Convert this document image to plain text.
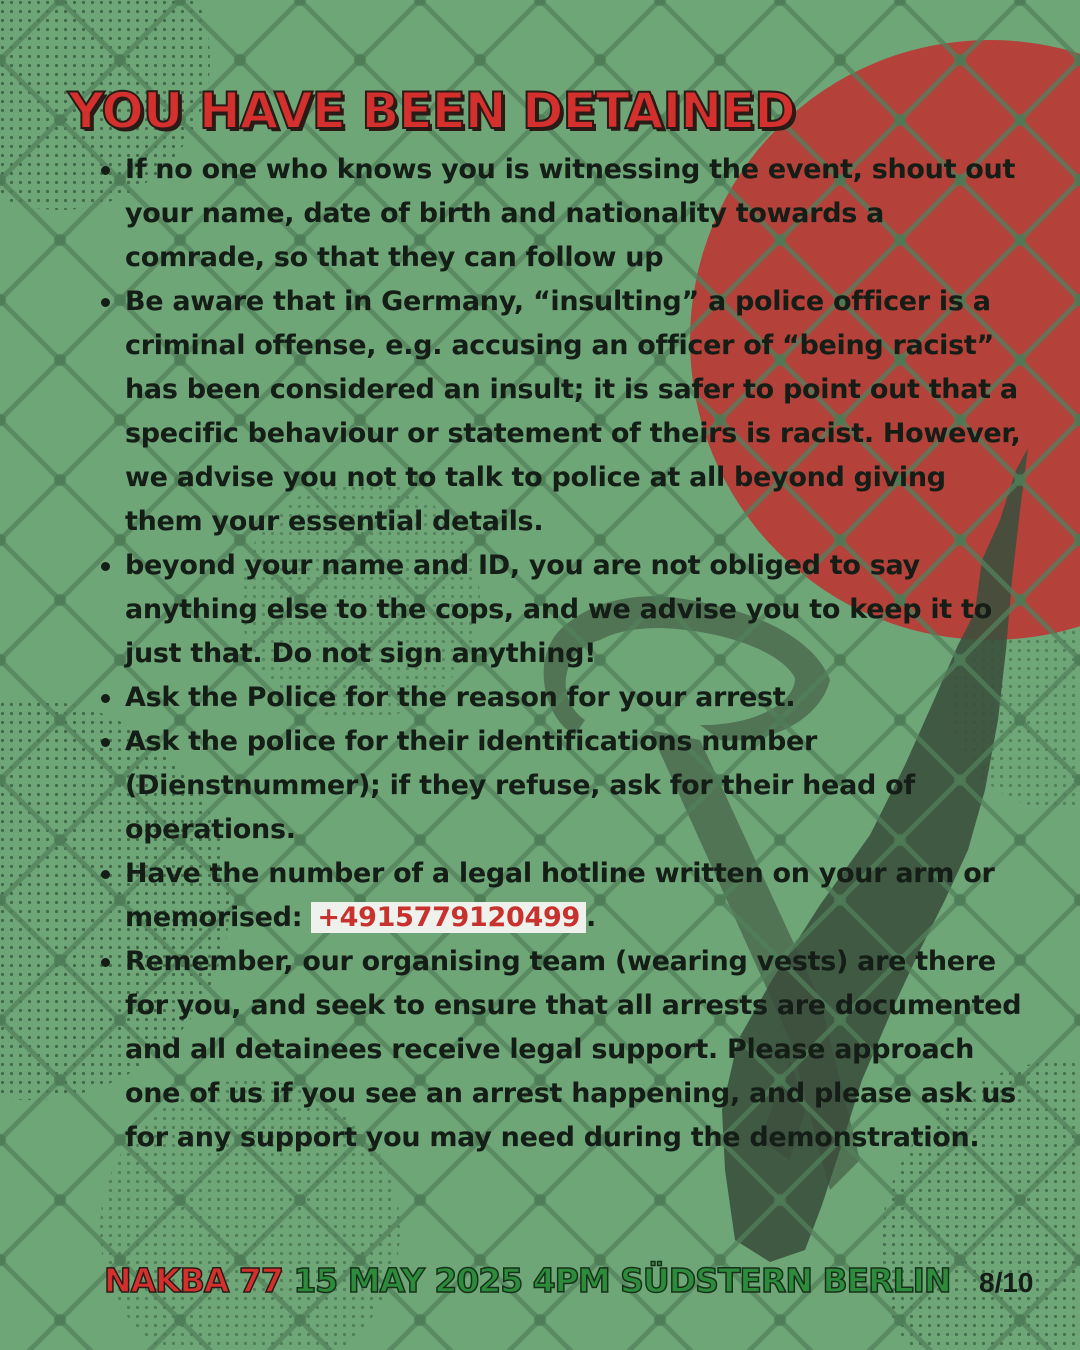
YOU HAVE BEEN DETAINED
If no one who knows you is witnessing the event, shout out your name, date of birth and nationality towards a comrade, so that they can follow up
Be aware that in Germany, “insulting” a police officer is a criminal offense, e.g. accusing an officer of “being racist” has been considered an insult; it is safer to point out that a specific behaviour or statement of theirs is racist. However, we advise you not to talk to police at all beyond giving them your essential details.
beyond your name and ID, you are not obliged to say anything else to the cops, and we advise you to keep it to just that. Do not sign anything!
Ask the Police for the reason for your arrest.
Ask the police for their identifications number (Dienstnummer); if they refuse, ask for their head of operations.
Have the number of a legal hotline written on your arm or memorised: +4915779120499 .
Remember, our organising team (wearing vests) are there for you, and seek to ensure that all arrests are documented and all detainees receive legal support. Please approach one of us if you see an arrest happening, and please ask us for any support you may need during the demonstration.
NAKBA 77 15 MAY 2025 4PM SÜDSTERN BERLIN 8/10
